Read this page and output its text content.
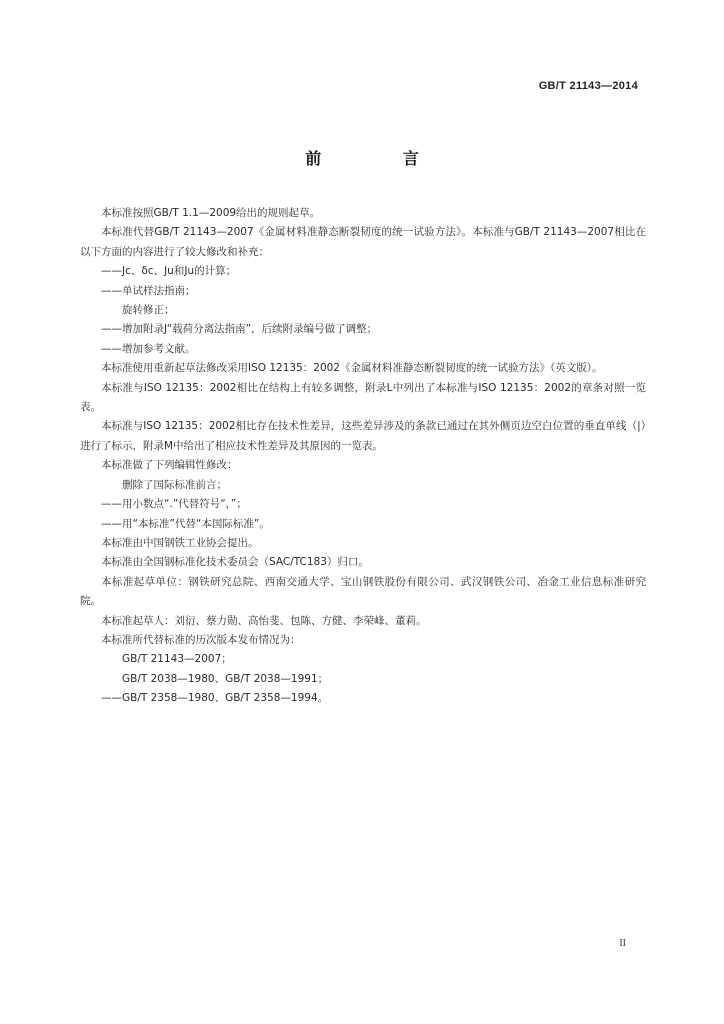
GB/T 21143—2014
前 言

本标准按照GB/T 1.1—2009给出的规则起草。

本标准代替GB/T 21143—2007《金属材料准静态断裂韧度的统一试验方法》。本标准与GB/T 21143—2007相比在以下方面的内容进行了较大修改和补充：

——Jc、δc、Ju和Ju的计算；

——单试样法指南；

旋转修正；

——增加附录J“载荷分离法指南”，后续附录编号做了调整；

——增加参考文献。

本标准使用重新起草法修改采用ISO 12135：2002《金属材料准静态断裂韧度的统一试验方法》（英文版）。

本标准与ISO 12135：2002相比在结构上有较多调整，附录L中列出了本标准与ISO 12135：2002的章条对照一览表。

本标准与ISO 12135：2002相比存在技术性差异，这些差异涉及的条款已通过在其外侧页边空白位置的垂直单线（|）进行了标示，附录M中给出了相应技术性差异及其原因的一览表。

本标准做了下列编辑性修改：

删除了国际标准前言；

——用小数点“.”代替符号“，”；

——用“本标准”代替“本国际标准”。

本标准由中国钢铁工业协会提出。

本标准由全国钢标准化技术委员会（SAC/TC183）归口。

本标准起草单位：钢铁研究总院、西南交通大学、宝山钢铁股份有限公司、武汉钢铁公司、冶金工业信息标准研究院。

本标准起草人：刘衍、蔡力勋、高怡斐、包陈、方健、李荣峰、董莉。

本标准所代替标准的历次版本发布情况为：

GB/T 21143—2007；

GB/T 2038—1980、GB/T 2038—1991；

——GB/T 2358—1980、GB/T 2358—1994。

II
